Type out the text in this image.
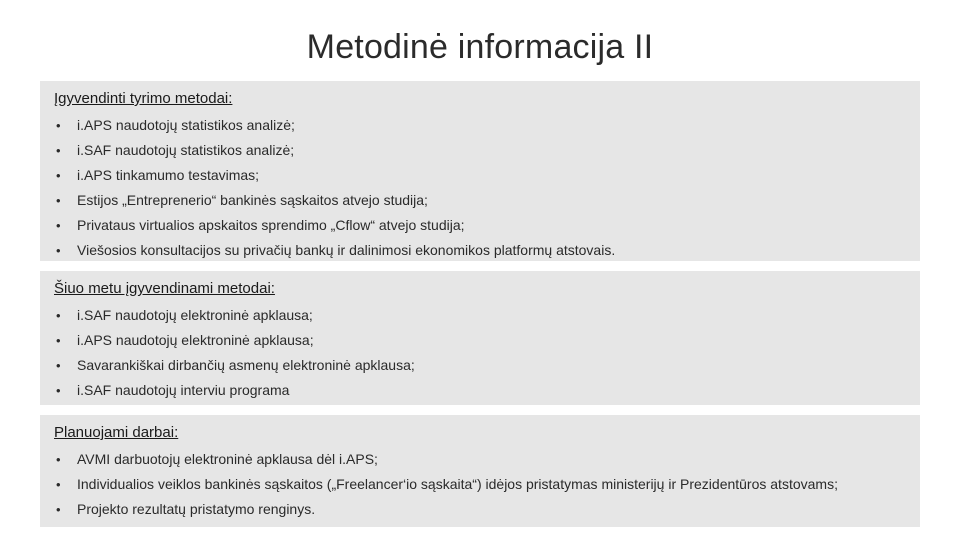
Metodinė informacija II
Įgyvendinti tyrimo metodai:
• i.APS naudotojų statistikos analizė;
• i.SAF naudotojų statistikos analizė;
• i.APS tinkamumo testavimas;
• Estijos „Entreprenerio“ bankinės sąskaitos atvejo studija;
• Privataus virtualios apskaitos sprendimo „Cflow“ atvejo studija;
• Viešosios konsultacijos su privačių bankų ir dalinimosi ekonomikos platformų atstovais.
Šiuo metu įgyvendinami metodai:
• i.SAF naudotojų elektroninė apklausa;
• i.APS naudotojų elektroninė apklausa;
• Savarankiškai dirbančių asmenų elektroninė apklausa;
• i.SAF naudotojų interviu programa
Planuojami darbai:
• AVMI darbuotojų elektroninė apklausa dėl i.APS;
• Individualios veiklos bankinės sąskaitos („Freelancer‘io sąskaita“) idėjos pristatymas ministerijų ir Prezidentūros atstovams;
• Projekto rezultatų pristatymo renginys.
